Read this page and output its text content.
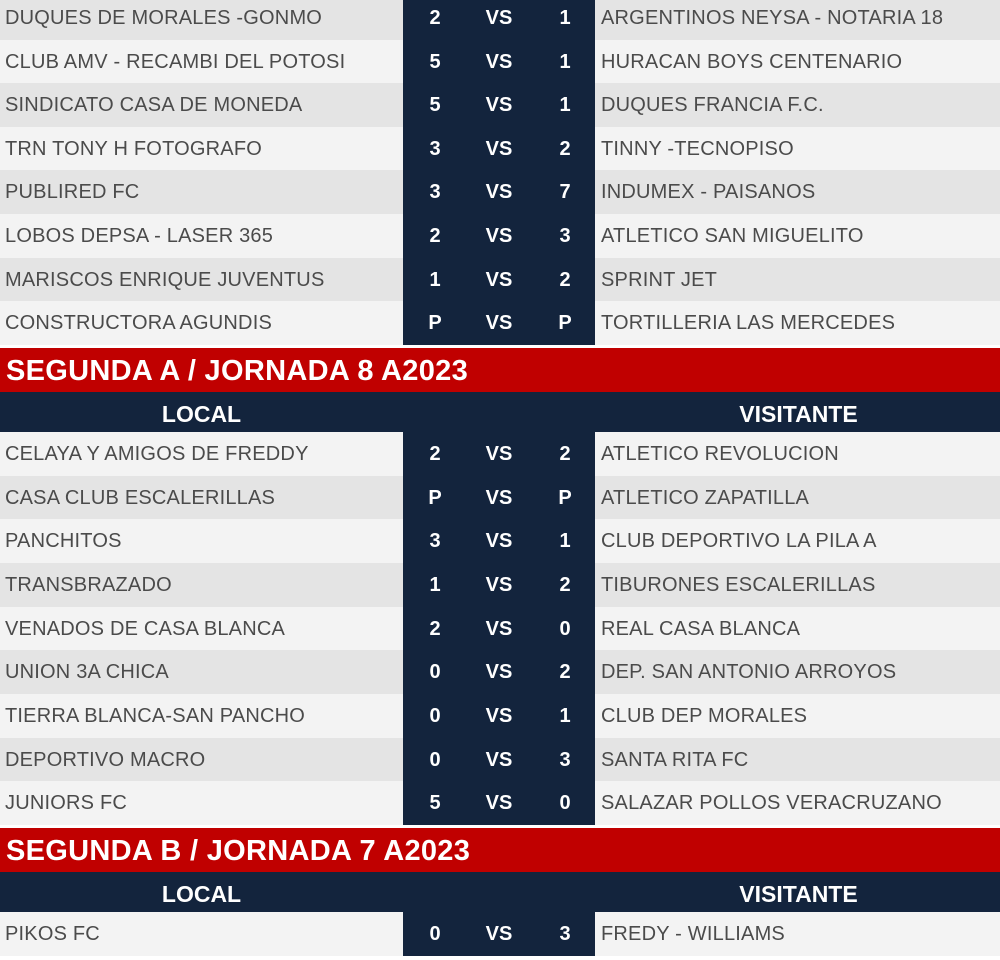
DUQUES DE MORALES -GONMO	2	VS	1	ARGENTINOS NEYSA - NOTARIA 18
CLUB AMV - RECAMBI DEL POTOSI	5	VS	1	HURACAN BOYS CENTENARIO
SINDICATO CASA DE MONEDA	5	VS	1	DUQUES FRANCIA F.C.
TRN TONY H FOTOGRAFO	3	VS	2	TINNY -TECNOPISO
PUBLIRED FC	3	VS	7	INDUMEX - PAISANOS
LOBOS DEPSA - LASER 365	2	VS	3	ATLETICO SAN MIGUELITO
MARISCOS ENRIQUE JUVENTUS	1	VS	2	SPRINT JET
CONSTRUCTORA AGUNDIS	P	VS	P	TORTILLERIA LAS MERCEDES
SEGUNDA A / JORNADA 8 A2023
LOCAL	VISITANTE
CELAYA Y AMIGOS DE FREDDY	2	VS	2	ATLETICO REVOLUCION
CASA CLUB ESCALERILLAS	P	VS	P	ATLETICO ZAPATILLA
PANCHITOS	3	VS	1	CLUB DEPORTIVO LA PILA A
TRANSBRAZADO	1	VS	2	TIBURONES ESCALERILLAS
VENADOS DE CASA BLANCA	2	VS	0	REAL CASA BLANCA
UNION 3A CHICA	0	VS	2	DEP. SAN ANTONIO ARROYOS
TIERRA BLANCA-SAN PANCHO	0	VS	1	CLUB DEP MORALES
DEPORTIVO MACRO	0	VS	3	SANTA RITA FC
JUNIORS FC	5	VS	0	SALAZAR POLLOS VERACRUZANO
SEGUNDA B / JORNADA 7 A2023
LOCAL	VISITANTE
PIKOS FC	0	VS	3	FREDY - WILLIAMS
